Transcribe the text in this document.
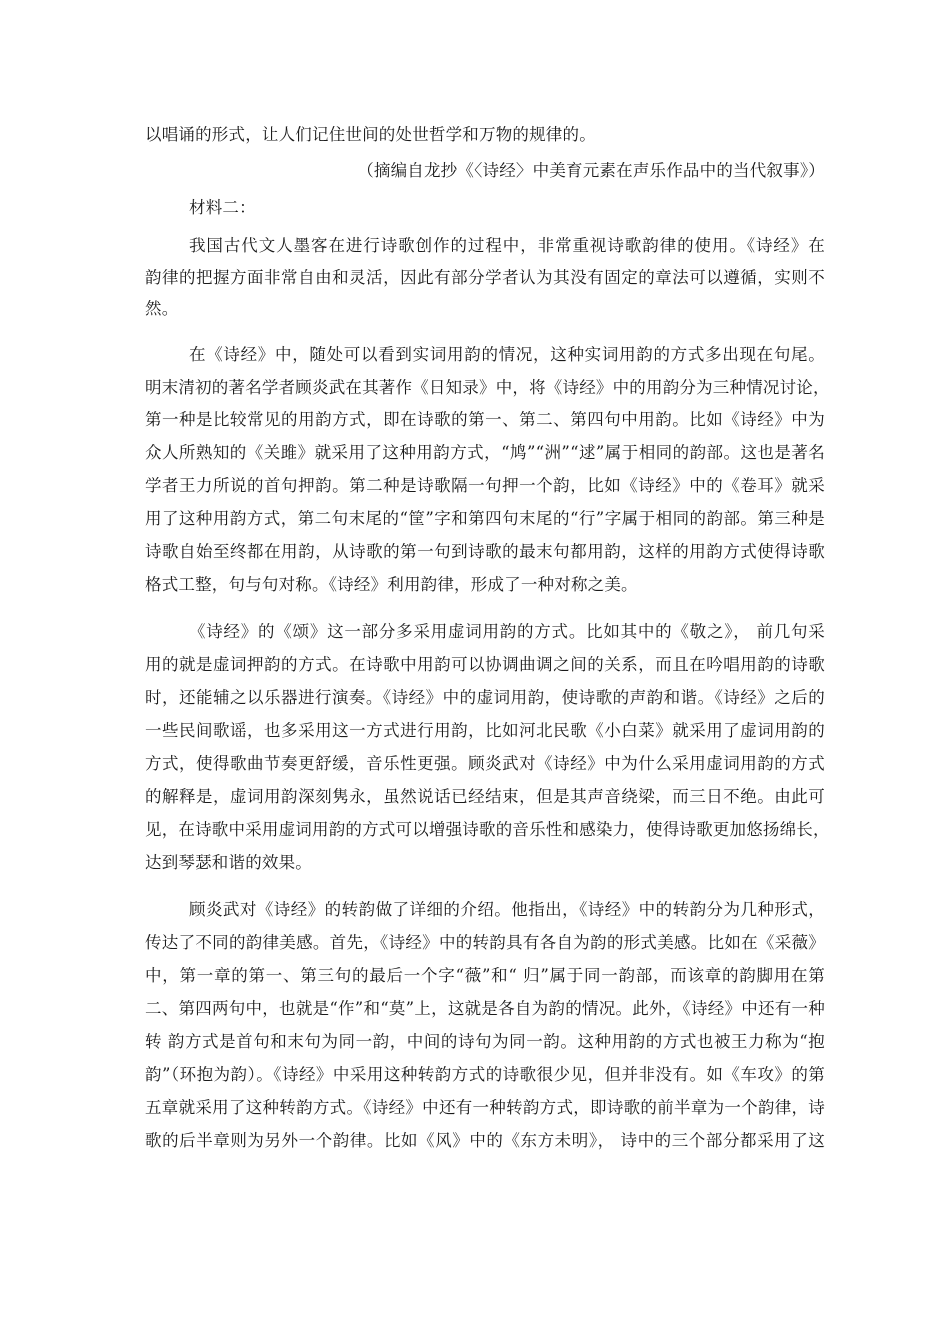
以唱诵的形式，让人们记住世间的处世哲学和万物的规律的。
（摘编自龙抄《〈诗经〉中美育元素在声乐作品中的当代叙事》）
材料二：
我国古代文人墨客在进行诗歌创作的过程中，非常重视诗歌韵律的使用。《诗经》在
韵律的把握方面非常自由和灵活，因此有部分学者认为其没有固定的章法可以遵循，实则不
然。
在《诗经》中，随处可以看到实词用韵的情况，这种实词用韵的方式多出现在句尾。
明末清初的著名学者顾炎武在其著作《日知录》中，将《诗经》中的用韵分为三种情况讨论，
第一种是比较常见的用韵方式，即在诗歌的第一、第二、第四句中用韵。比如《诗经》中为
众人所熟知的《关雎》就采用了这种用韵方式，“鸠”“洲”“逑”属于相同的韵部。这也是著名
学者王力所说的首句押韵。第二种是诗歌隔一句押一个韵，比如《诗经》中的《卷耳》就采
用了这种用韵方式，第二句末尾的“筐”字和第四句末尾的“行”字属于相同的韵部。第三种是
诗歌自始至终都在用韵，从诗歌的第一句到诗歌的最末句都用韵，这样的用韵方式使得诗歌
格式工整，句与句对称。《诗经》利用韵律，形成了一种对称之美。
《诗经》的《颂》这一部分多采用虚词用韵的方式。比如其中的《敬之》， 前几句采
用的就是虚词押韵的方式。在诗歌中用韵可以协调曲调之间的关系，而且在吟唱用韵的诗歌
时，还能辅之以乐器进行演奏。《诗经》中的虚词用韵，使诗歌的声韵和谐。《诗经》之后的
一些民间歌谣，也多采用这一方式进行用韵，比如河北民歌《小白菜》就采用了虚词用韵的
方式，使得歌曲节奏更舒缓，音乐性更强。顾炎武对《诗经》中为什么采用虚词用韵的方式
的解释是，虚词用韵深刻隽永，虽然说话已经结束，但是其声音绕梁，而三日不绝。由此可
见，在诗歌中采用虚词用韵的方式可以增强诗歌的音乐性和感染力，使得诗歌更加悠扬绵长，
达到琴瑟和谐的效果。
顾炎武对《诗经》的转韵做了详细的介绍。他指出，《诗经》中的转韵分为几种形式，
传达了不同的韵律美感。首先，《诗经》中的转韵具有各自为韵的形式美感。比如在《采薇》
中，第一章的第一、第三句的最后一个字“薇”和“ 归”属于同一韵部，而该章的韵脚用在第
二、第四两句中，也就是“作”和“莫”上，这就是各自为韵的情况。此外，《诗经》中还有一种
转 韵方式是首句和末句为同一韵，中间的诗句为同一韵。这种用韵的方式也被王力称为“抱
韵”（环抱为韵）。《诗经》中采用这种转韵方式的诗歌很少见，但并非没有。如《车攻》的第
五章就采用了这种转韵方式。《诗经》中还有一种转韵方式，即诗歌的前半章为一个韵律，诗
歌的后半章则为另外一个韵律。比如《风》中的《东方未明》， 诗中的三个部分都采用了这
